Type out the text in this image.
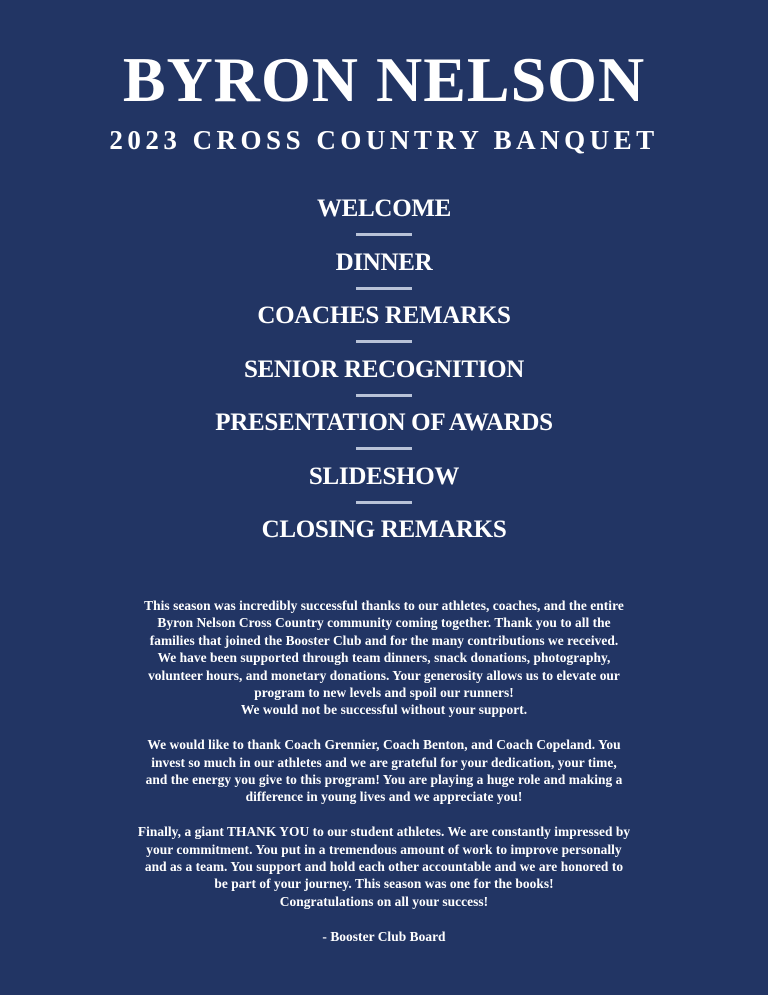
BYRON NELSON
2023 CROSS COUNTRY BANQUET
WELCOME
DINNER
COACHES REMARKS
SENIOR RECOGNITION
PRESENTATION OF AWARDS
SLIDESHOW
CLOSING REMARKS

This season was incredibly successful thanks to our athletes, coaches, and the entire
Byron Nelson Cross Country community coming together. Thank you to all the
families that joined the Booster Club and for the many contributions we received.
We have been supported through team dinners, snack donations, photography,
volunteer hours, and monetary donations. Your generosity allows us to elevate our
program to new levels and spoil our runners!
We would not be successful without your support.

We would like to thank Coach Grennier, Coach Benton, and Coach Copeland. You
invest so much in our athletes and we are grateful for your dedication, your time,
and the energy you give to this program! You are playing a huge role and making a
difference in young lives and we appreciate you!

Finally, a giant THANK YOU to our student athletes. We are constantly impressed by
your commitment. You put in a tremendous amount of work to improve personally
and as a team. You support and hold each other accountable and we are honored to
be part of your journey. This season was one for the books!
Congratulations on all your success!

- Booster Club Board
